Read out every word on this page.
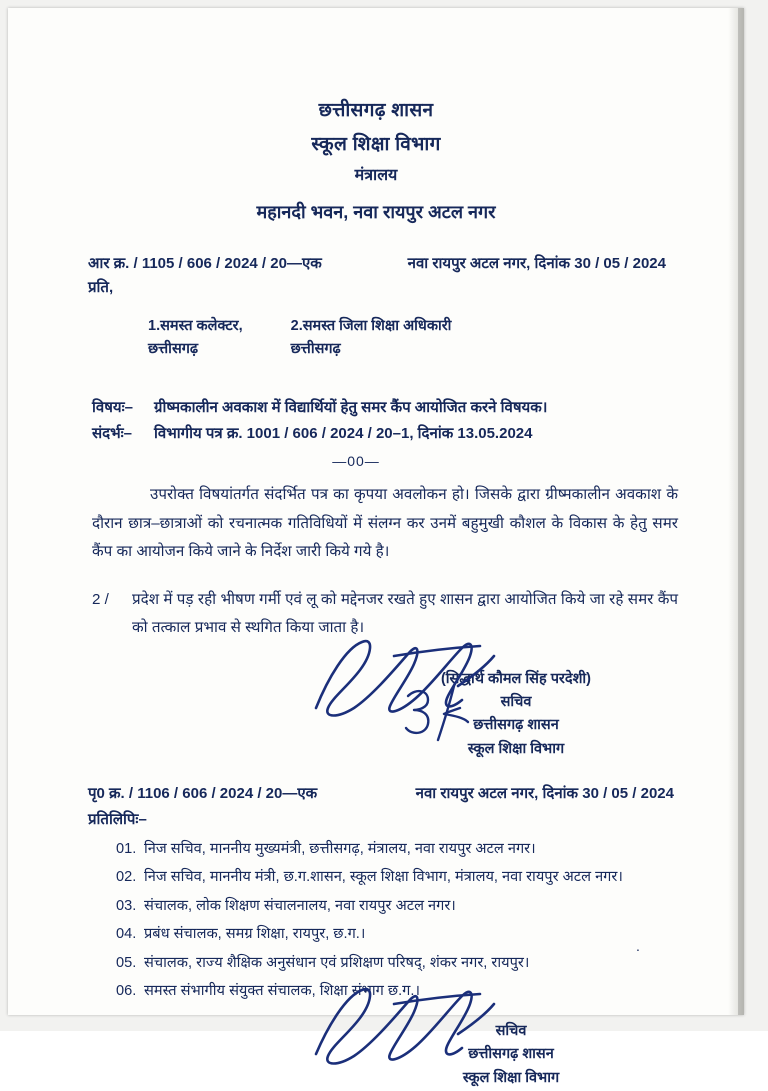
छत्तीसगढ़ शासन
स्कूल शिक्षा विभाग
मंत्रालय
महानदी भवन, नवा रायपुर अटल नगर
आर क्र. / 1105 / 606 / 2024 / 20—एक	नवा रायपुर अटल नगर, दिनांक 30 / 05 / 2024
प्रति,
1.समस्त कलेक्टर,
छत्तीसगढ़
2.समस्त जिला शिक्षा अधिकारी
छत्तीसगढ़
विषयः–	ग्रीष्मकालीन अवकाश में विद्यार्थियों हेतु समर कैंप आयोजित करने विषयक।
संदर्भः–	विभागीय पत्र क्र. 1001 / 606 / 2024 / 20–1, दिनांक 13.05.2024
—00—
उपरोक्त विषयांतर्गत संदर्भित पत्र का कृपया अवलोकन हो। जिसके द्वारा ग्रीष्मकालीन अवकाश के दौरान छात्र–छात्राओं को रचनात्मक गतिविधियों में संलग्न कर उनमें बहुमुखी कौशल के विकास के हेतु समर कैंप का आयोजन किये जाने के निर्देश जारी किये गये है।
2 /	प्रदेश में पड़ रही भीषण गर्मी एवं लू को मद्देनजर रखते हुए शासन द्वारा आयोजित किये जा रहे समर कैंप को तत्काल प्रभाव से स्थगित किया जाता है।
(सिद्धार्थ कौमल सिंह परदेशी)
सचिव
छत्तीसगढ़ शासन
स्कूल शिक्षा विभाग
पृ0 क्र. / 1106 / 606 / 2024 / 20—एक	नवा रायपुर अटल नगर, दिनांक 30 / 05 / 2024
प्रतिलिपिः–
01. निज सचिव, माननीय मुख्यमंत्री, छत्तीसगढ़, मंत्रालय, नवा रायपुर अटल नगर।
02. निज सचिव, माननीय मंत्री, छ.ग.शासन, स्कूल शिक्षा विभाग, मंत्रालय, नवा रायपुर अटल नगर।
03. संचालक, लोक शिक्षण संचालनालय, नवा रायपुर अटल नगर।
04. प्रबंध संचालक, समग्र शिक्षा, रायपुर, छ.ग.।
05. संचालक, राज्य शैक्षिक अनुसंधान एवं प्रशिक्षण परिषद्, शंकर नगर, रायपुर।
06. समस्त संभागीय संयुक्त संचालक, शिक्षा संभाग छ.ग.।
सचिव
छत्तीसगढ़ शासन
स्कूल शिक्षा विभाग
.
